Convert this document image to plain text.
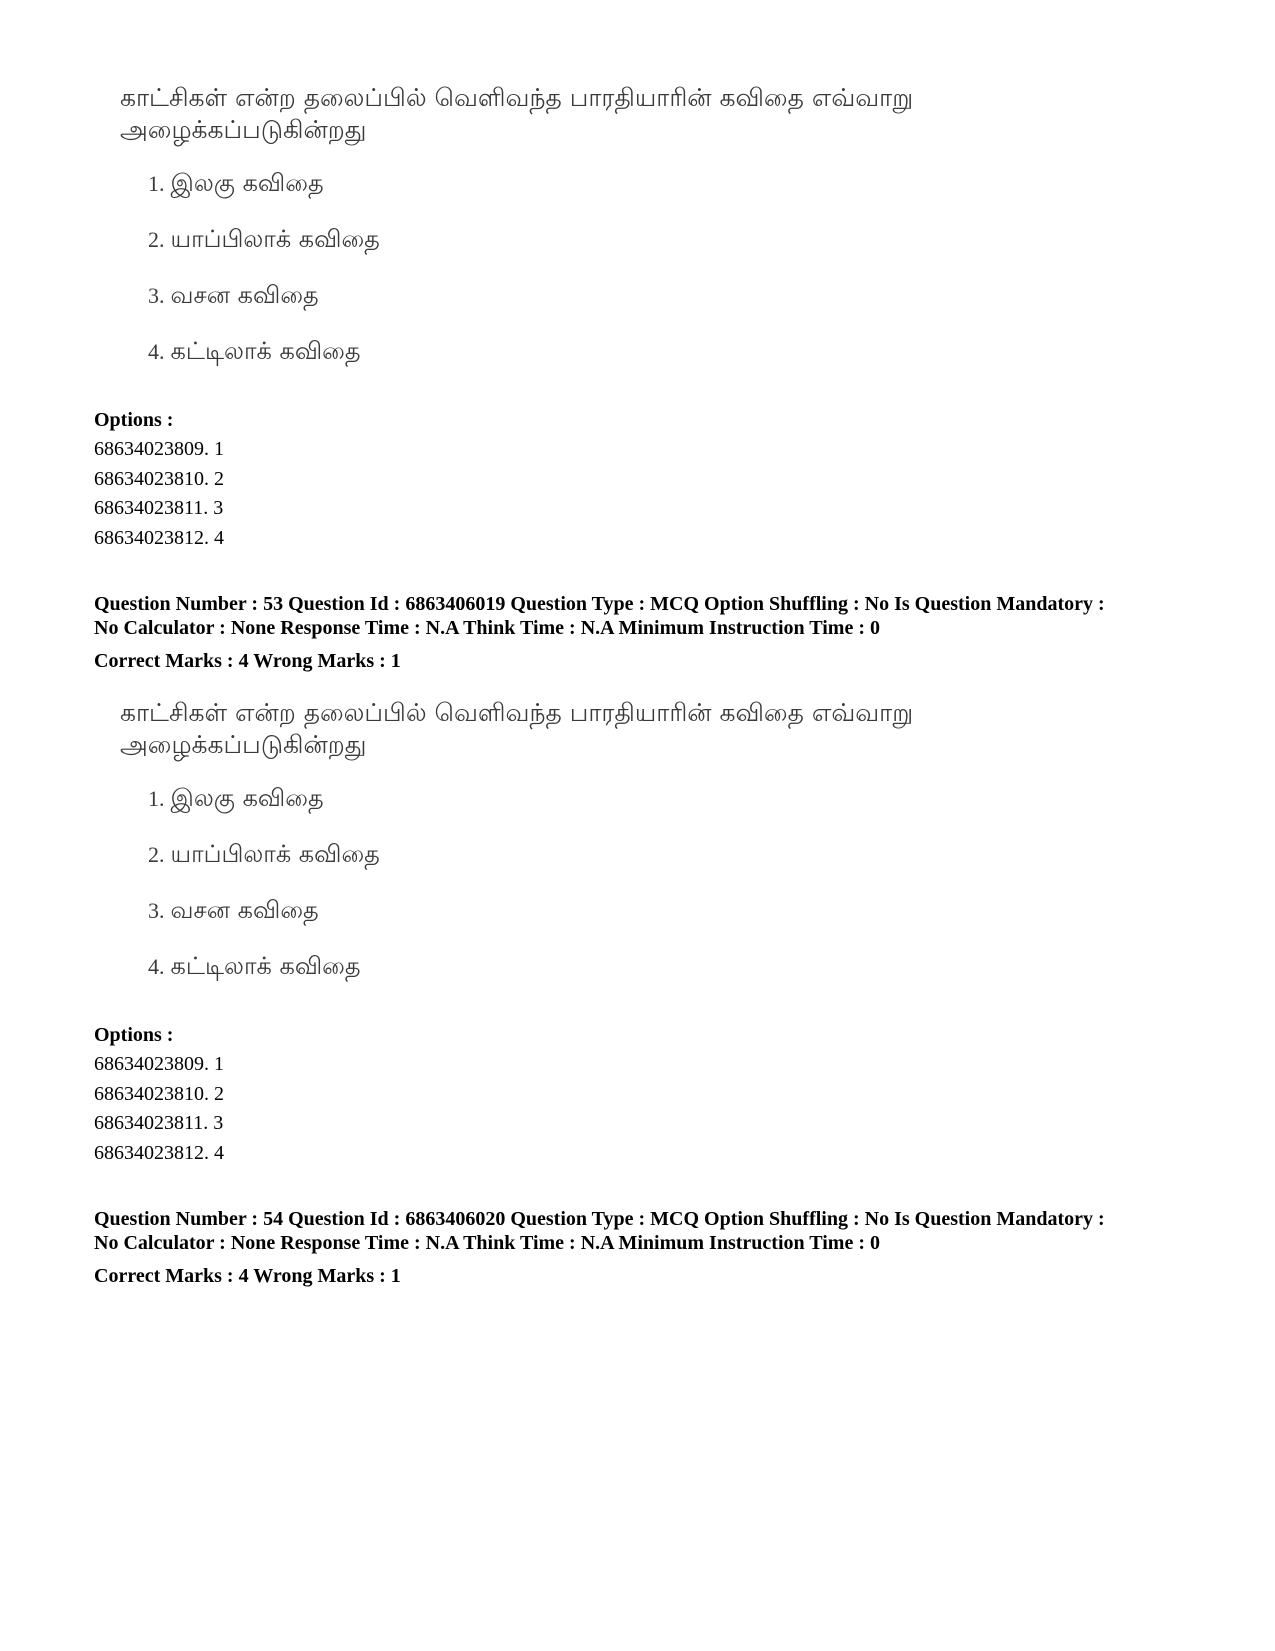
காட்சிகள் என்ற தலைப்பில் வெளிவந்த பாரதியாரின் கவிதை எவ்வாறு அழைக்கப்படுகின்றது
1. இலகு கவிதை
2. யாப்பிலாக் கவிதை
3. வசன கவிதை
4. கட்டிலாக் கவிதை
Options :
68634023809. 1
68634023810. 2
68634023811. 3
68634023812. 4
Question Number : 53 Question Id : 6863406019 Question Type : MCQ Option Shuffling : No Is Question Mandatory :
No Calculator : None Response Time : N.A Think Time : N.A Minimum Instruction Time : 0
Correct Marks : 4 Wrong Marks : 1
காட்சிகள் என்ற தலைப்பில் வெளிவந்த பாரதியாரின் கவிதை எவ்வாறு அழைக்கப்படுகின்றது
1. இலகு கவிதை
2. யாப்பிலாக் கவிதை
3. வசன கவிதை
4. கட்டிலாக் கவிதை
Options :
68634023809. 1
68634023810. 2
68634023811. 3
68634023812. 4
Question Number : 54 Question Id : 6863406020 Question Type : MCQ Option Shuffling : No Is Question Mandatory :
No Calculator : None Response Time : N.A Think Time : N.A Minimum Instruction Time : 0
Correct Marks : 4 Wrong Marks : 1
